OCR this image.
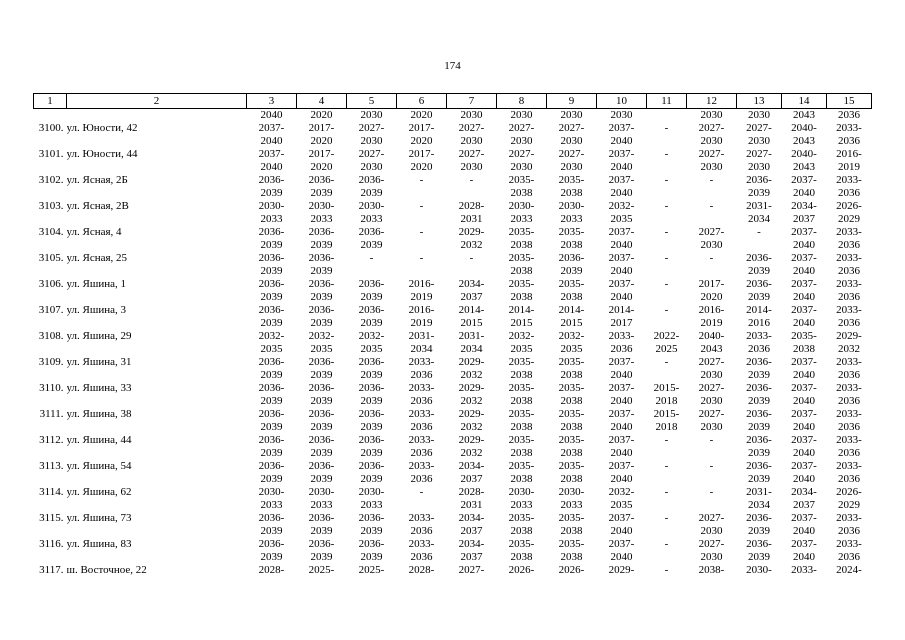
174
1	2	3	4	5	6	7	8	9	10	11	12	13	14	15
		2040	2020	2030	2020	2030	2030	2030	2030		2030	2030	2043	2036
3100.	ул. Юности, 42	2037-	2017-	2027-	2017-	2027-	2027-	2027-	2037-	-	2027-	2027-	2040-	2033-
		2040	2020	2030	2020	2030	2030	2030	2040		2030	2030	2043	2036
3101.	ул. Юности, 44	2037-	2017-	2027-	2017-	2027-	2027-	2027-	2037-	-	2027-	2027-	2040-	2016-
		2040	2020	2030	2020	2030	2030	2030	2040		2030	2030	2043	2019
3102.	ул. Ясная, 2Б	2036-	2036-	2036-	-	-	2035-	2035-	2037-	-	-	2036-	2037-	2033-
		2039	2039	2039			2038	2038	2040			2039	2040	2036
3103.	ул. Ясная, 2В	2030-	2030-	2030-	-	2028-	2030-	2030-	2032-	-	-	2031-	2034-	2026-
		2033	2033	2033		2031	2033	2033	2035			2034	2037	2029
3104.	ул. Ясная, 4	2036-	2036-	2036-	-	2029-	2035-	2035-	2037-	-	2027-	-	2037-	2033-
		2039	2039	2039		2032	2038	2038	2040		2030		2040	2036
3105.	ул. Ясная, 25	2036-	2036-	-	-	-	2035-	2036-	2037-	-	-	2036-	2037-	2033-
		2039	2039				2038	2039	2040			2039	2040	2036
3106.	ул. Яшина, 1	2036-	2036-	2036-	2016-	2034-	2035-	2035-	2037-	-	2017-	2036-	2037-	2033-
		2039	2039	2039	2019	2037	2038	2038	2040		2020	2039	2040	2036
3107.	ул. Яшина, 3	2036-	2036-	2036-	2016-	2014-	2014-	2014-	2014-	-	2016-	2014-	2037-	2033-
		2039	2039	2039	2019	2015	2015	2015	2017		2019	2016	2040	2036
3108.	ул. Яшина, 29	2032-	2032-	2032-	2031-	2031-	2032-	2032-	2033-	2022-	2040-	2033-	2035-	2029-
		2035	2035	2035	2034	2034	2035	2035	2036	2025	2043	2036	2038	2032
3109.	ул. Яшина, 31	2036-	2036-	2036-	2033-	2029-	2035-	2035-	2037-	-	2027-	2036-	2037-	2033-
		2039	2039	2039	2036	2032	2038	2038	2040		2030	2039	2040	2036
3110.	ул. Яшина, 33	2036-	2036-	2036-	2033-	2029-	2035-	2035-	2037-	2015-	2027-	2036-	2037-	2033-
		2039	2039	2039	2036	2032	2038	2038	2040	2018	2030	2039	2040	2036
3111.	ул. Яшина, 38	2036-	2036-	2036-	2033-	2029-	2035-	2035-	2037-	2015-	2027-	2036-	2037-	2033-
		2039	2039	2039	2036	2032	2038	2038	2040	2018	2030	2039	2040	2036
3112.	ул. Яшина, 44	2036-	2036-	2036-	2033-	2029-	2035-	2035-	2037-	-	-	2036-	2037-	2033-
		2039	2039	2039	2036	2032	2038	2038	2040			2039	2040	2036
3113.	ул. Яшина, 54	2036-	2036-	2036-	2033-	2034-	2035-	2035-	2037-	-	-	2036-	2037-	2033-
		2039	2039	2039	2036	2037	2038	2038	2040			2039	2040	2036
3114.	ул. Яшина, 62	2030-	2030-	2030-	-	2028-	2030-	2030-	2032-	-	-	2031-	2034-	2026-
		2033	2033	2033		2031	2033	2033	2035			2034	2037	2029
3115.	ул. Яшина, 73	2036-	2036-	2036-	2033-	2034-	2035-	2035-	2037-	-	2027-	2036-	2037-	2033-
		2039	2039	2039	2036	2037	2038	2038	2040		2030	2039	2040	2036
3116.	ул. Яшина, 83	2036-	2036-	2036-	2033-	2034-	2035-	2035-	2037-	-	2027-	2036-	2037-	2033-
		2039	2039	2039	2036	2037	2038	2038	2040		2030	2039	2040	2036
3117.	ш. Восточное, 22	2028-	2025-	2025-	2028-	2027-	2026-	2026-	2029-	-	2038-	2030-	2033-	2024-
